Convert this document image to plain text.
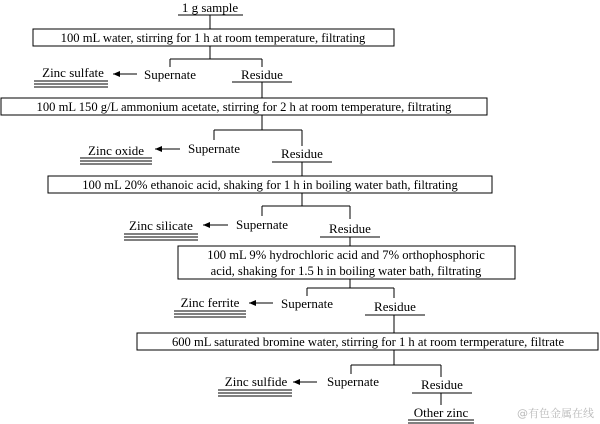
1 g sample
100 mL water, stirring for 1 h at room temperature, filtrating
Supernate	Residue
Zinc sulfate
100 mL 150 g/L ammonium acetate, stirring for 2 h at room temperature, filtrating
Supernate	Residue
Zinc oxide
100 mL 20% ethanoic acid, shaking for 1 h in boiling water bath, filtrating
Supernate	Residue
Zinc silicate
100 mL 9% hydrochloric acid and 7% orthophosphoric
acid, shaking for 1.5 h in boiling water bath, filtrating
Supernate	Residue
Zinc ferrite
600 mL saturated bromine water, stirring for 1 h at room termperature, filtrate
Supernate	Residue
Zinc sulfide
Other zinc	@有色金属在线
